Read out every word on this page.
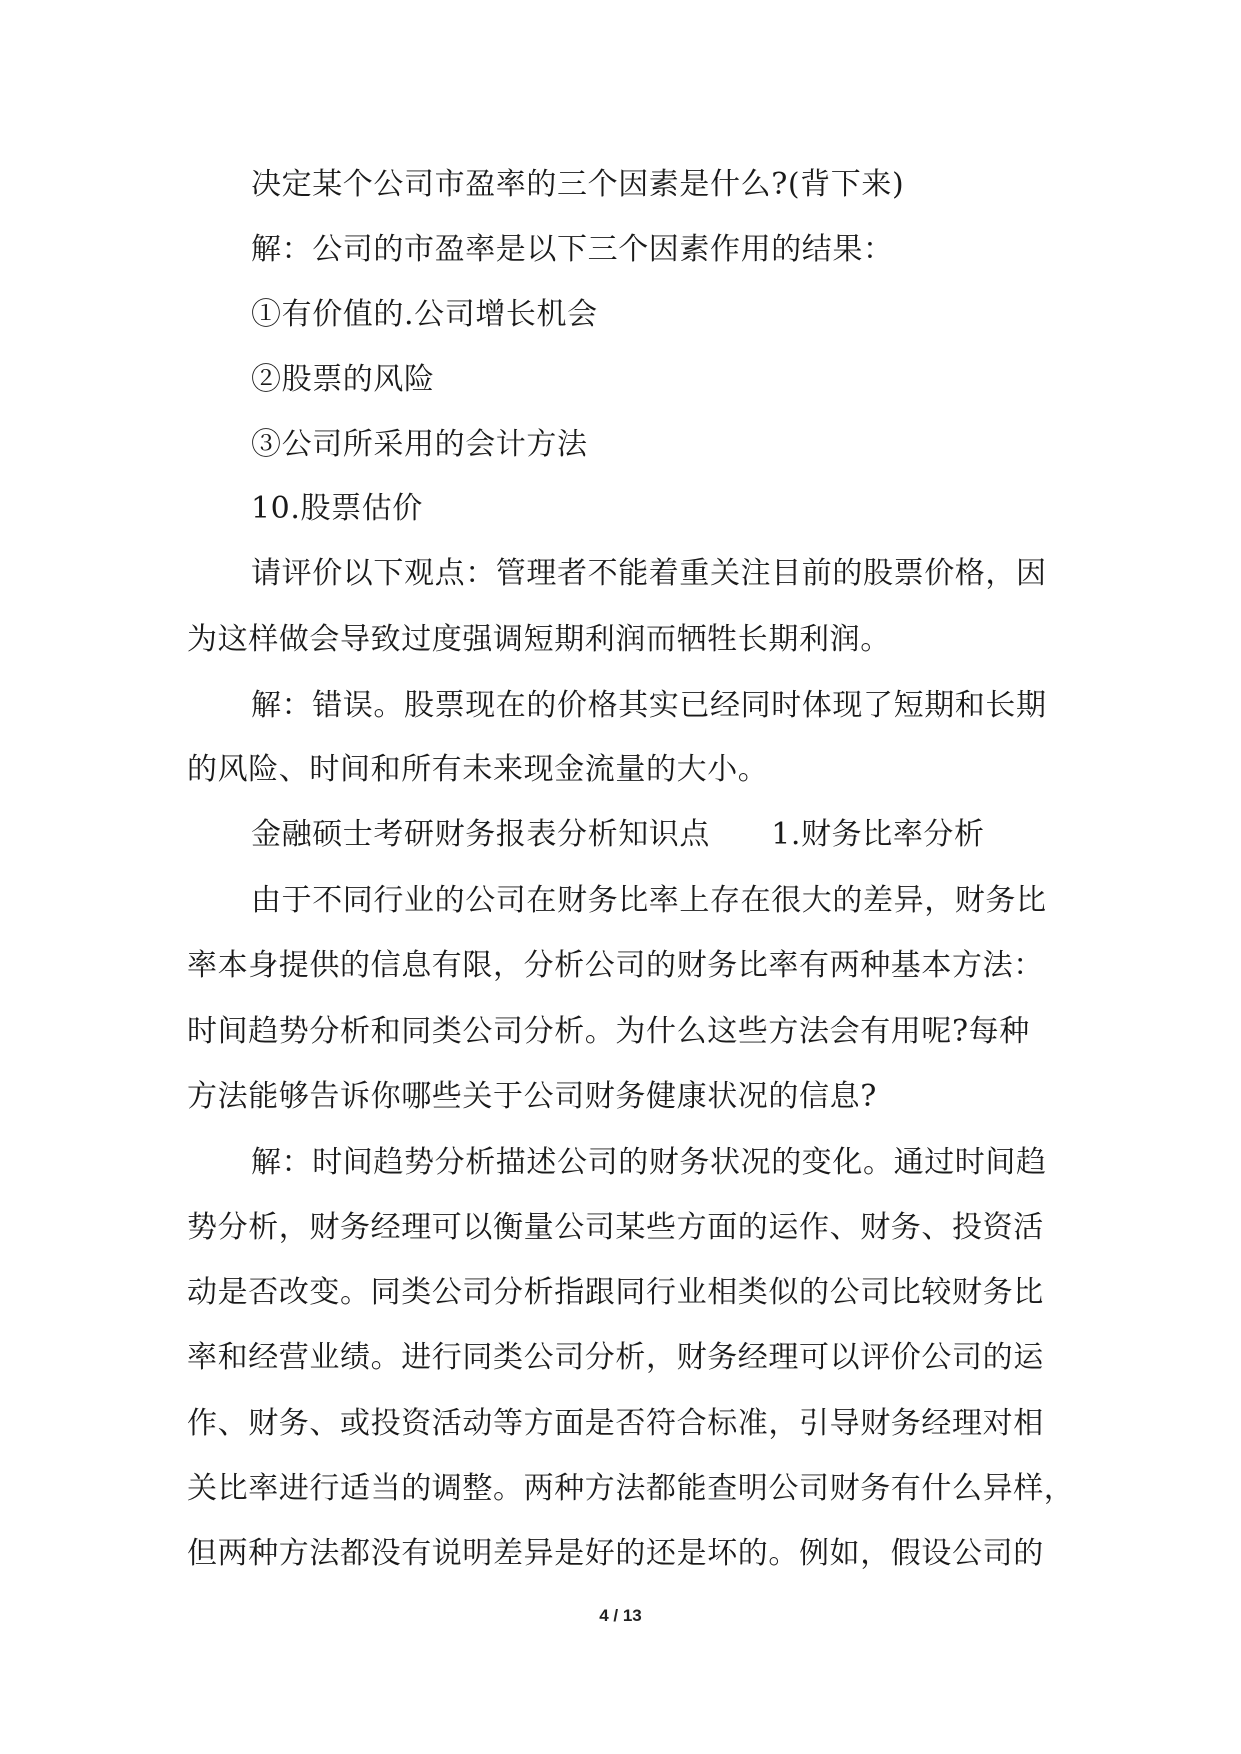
决定某个公司市盈率的三个因素是什么?(背下来)
解：公司的市盈率是以下三个因素作用的结果：
①有价值的.公司增长机会
②股票的风险
③公司所采用的会计方法
10.股票估价
请评价以下观点：管理者不能着重关注目前的股票价格，因
为这样做会导致过度强调短期利润而牺牲长期利润。
解：错误。股票现在的价格其实已经同时体现了短期和长期
的风险、时间和所有未来现金流量的大小。
金融硕士考研财务报表分析知识点　　1.财务比率分析
由于不同行业的公司在财务比率上存在很大的差异，财务比
率本身提供的信息有限，分析公司的财务比率有两种基本方法：
时间趋势分析和同类公司分析。为什么这些方法会有用呢?每种
方法能够告诉你哪些关于公司财务健康状况的信息?
解：时间趋势分析描述公司的财务状况的变化。通过时间趋
势分析，财务经理可以衡量公司某些方面的运作、财务、投资活
动是否改变。同类公司分析指跟同行业相类似的公司比较财务比
率和经营业绩。进行同类公司分析，财务经理可以评价公司的运
作、财务、或投资活动等方面是否符合标准，引导财务经理对相
关比率进行适当的调整。两种方法都能查明公司财务有什么异样，
但两种方法都没有说明差异是好的还是坏的。例如，假设公司的
4 / 13
